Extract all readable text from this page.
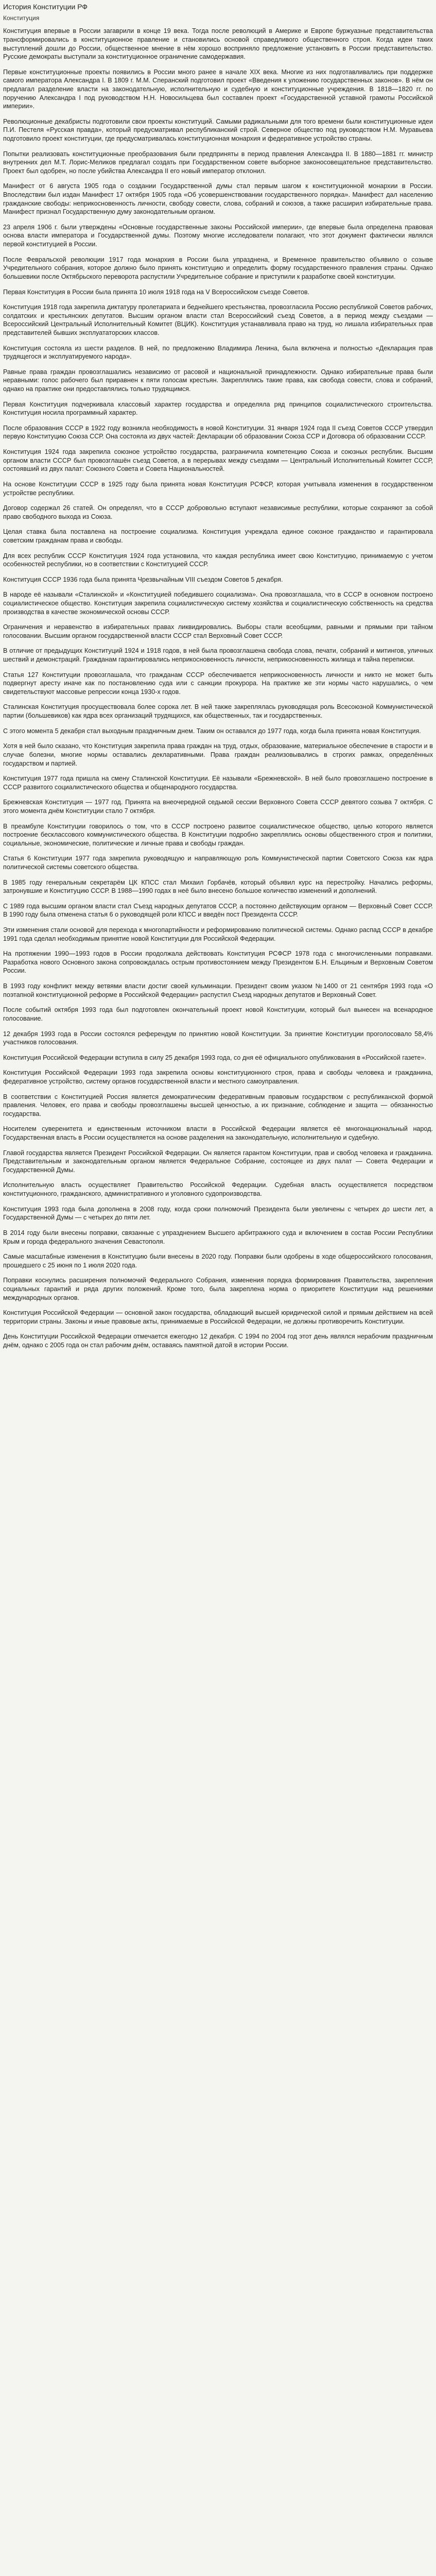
История Конституции РФ
Конституция

Конституция впервые в России загаврили в конце 19 века. Тогда после революций в Америке и Европе буржуазные представительства трансформировались в конституционное правление и становились основой справедливого общественного строя. Когда идеи таких выступлений дошли до России, общественное мнение в нём хорошо восприняло предложение установить в России представительство. Русские демократы выступали за конституционное ограничение самодержавия.

Первые конституционные проекты появились в России много ранее в начале XIX века. Многие из них подготавливались при поддержке самого императора Александра I. В 1809 г. М.М. Сперанский подготовил проект «Введения к уложению государственных законов». В нём он предлагал разделение власти на законодательную, исполнительную и судебную и конституционные учреждения. В 1818—1820 гг. по поручению Александра I под руководством Н.Н. Новосильцева был составлен проект «Государственной уставной грамоты Российской империи».

Революционные декабристы подготовили свои проекты конституций. Самыми радикальными для того времени были конституционные идеи П.И. Пестеля «Русская правда», который предусматривал республиканский строй. Северное общество под руководством Н.М. Муравьева подготовило проект конституции, где предусматривалась конституционная монархия и федеративное устройство страны.

Попытки реализовать конституционные преобразования были предприняты в период правления Александра II. В 1880—1881 гг. министр внутренних дел М.Т. Лорис-Меликов предлагал создать при Государственном совете выборное законосовещательное представительство. Проект был одобрен, но после убийства Александра II его новый император отклонил.

Манифест от 6 августа 1905 года о создании Государственной думы стал первым шагом к конституционной монархии в России. Впоследствии был издан Манифест 17 октября 1905 года «Об усовершенствовании государственного порядка». Манифест дал населению гражданские свободы: неприкосновенность личности, свободу совести, слова, собраний и союзов, а также расширил избирательные права. Манифест признал Государственную думу законодательным органом.

23 апреля 1906 г. были утверждены «Основные государственные законы Российской империи», где впервые была определена правовая основа власти императора и Государственной думы. Поэтому многие исследователи полагают, что этот документ фактически являлся первой конституцией в России.

После Февральской революции 1917 года монархия в России была упразднена, и Временное правительство объявило о созыве Учредительного собрания, которое должно было принять конституцию и определить форму государственного правления страны. Однако большевики после Октябрьского переворота распустили Учредительное собрание и приступили к разработке своей конституции.

Первая Конституция в России была принята 10 июля 1918 года на V Всероссийском съезде Советов.

Конституция 1918 года закрепила диктатуру пролетариата и беднейшего крестьянства, провозгласила Россию республикой Советов рабочих, солдатских и крестьянских депутатов. Высшим органом власти стал Всероссийский съезд Советов, а в период между съездами — Всероссийский Центральный Исполнительный Комитет (ВЦИК). Конституция устанавливала право на труд, но лишала избирательных прав представителей бывших эксплуататорских классов.

Конституция состояла из шести разделов. В ней, по предложению Владимира Ленина, была включена и полностью «Декларация прав трудящегося и эксплуатируемого народа».

Равные права граждан провозглашались независимо от расовой и национальной принадлежности. Однако избирательные права были неравными: голос рабочего был приравнен к пяти голосам крестьян. Закреплялись такие права, как свобода совести, слова и собраний, однако на практике они предоставлялись только трудящимся.

Первая Конституция подчеркивала классовый характер государства и определяла ряд принципов социалистического строительства. Конституция носила программный характер.

После образования СССР в 1922 году возникла необходимость в новой Конституции. 31 января 1924 года II съезд Советов СССР утвердил первую Конституцию Союза ССР. Она состояла из двух частей: Декларации об образовании Союза ССР и Договора об образовании СССР.

Конституция 1924 года закрепила союзное устройство государства, разграничила компетенцию Союза и союзных республик. Высшим органом власти СССР был провозглашён съезд Советов, а в перерывах между съездами — Центральный Исполнительный Комитет СССР, состоявший из двух палат: Союзного Совета и Совета Национальностей.

На основе Конституции СССР в 1925 году была принята новая Конституция РСФСР, которая учитывала изменения в государственном устройстве республики.

Договор содержал 26 статей. Он определял, что в СССР добровольно вступают независимые республики, которые сохраняют за собой право свободного выхода из Союза.

Целая ставка была поставлена на построение социализма. Конституция учреждала единое союзное гражданство и гарантировала советским гражданам права и свободы.

Для всех республик СССР Конституция 1924 года установила, что каждая республика имеет свою Конституцию, принимаемую с учетом особенностей республики, но в соответствии с Конституцией СССР.

Конституция СССР 1936 года была принята Чрезвычайным VIII съездом Советов 5 декабря.

В народе её называли «Сталинской» и «Конституцией победившего социализма». Она провозглашала, что в СССР в основном построено социалистическое общество. Конституция закрепила социалистическую систему хозяйства и социалистическую собственность на средства производства в качестве экономической основы СССР.

Ограничения и неравенство в избирательных правах ликвидировались. Выборы стали всеобщими, равными и прямыми при тайном голосовании. Высшим органом государственной власти СССР стал Верховный Совет СССР.

В отличие от предыдущих Конституций 1924 и 1918 годов, в ней была провозглашена свобода слова, печати, собраний и митингов, уличных шествий и демонстраций. Гражданам гарантировались неприкосновенность личности, неприкосновенность жилища и тайна переписки.

Статья 127 Конституции провозглашала, что гражданам СССР обеспечивается неприкосновенность личности и никто не может быть подвергнут аресту иначе как по постановлению суда или с санкции прокурора. На практике же эти нормы часто нарушались, о чем свидетельствуют массовые репрессии конца 1930-х годов.

Сталинская Конституция просуществовала более сорока лет. В ней также закреплялась руководящая роль Всесоюзной Коммунистической партии (большевиков) как ядра всех организаций трудящихся, как общественных, так и государственных.

С этого момента 5 декабря стал выходным праздничным днем. Таким он оставался до 1977 года, когда была принята новая Конституция.

Хотя в ней было сказано, что Конституция закрепила права граждан на труд, отдых, образование, материальное обеспечение в старости и в случае болезни, многие нормы оставались декларативными. Права граждан реализовывались в строгих рамках, определённых государством и партией.

Конституция 1977 года пришла на смену Сталинской Конституции. Её называли «Брежневской». В ней было провозглашено построение в СССР развитого социалистического общества и общенародного государства.

Брежневская Конституция — 1977 год. Принята на внеочередной седьмой сессии Верховного Совета СССР девятого созыва 7 октября. С этого момента днём Конституции стало 7 октября.

В преамбуле Конституции говорилось о том, что в СССР построено развитое социалистическое общество, целью которого является построение бесклассового коммунистического общества. В Конституции подробно закреплялись основы общественного строя и политики, социальные, экономические, политические и личные права и свободы граждан.

Статья 6 Конституции 1977 года закрепила руководящую и направляющую роль Коммунистической партии Советского Союза как ядра политической системы советского общества.

В 1985 году генеральным секретарём ЦК КПСС стал Михаил Горбачёв, который объявил курс на перестройку. Начались реформы, затронувшие и Конституцию СССР. В 1988—1990 годах в неё было внесено большое количество изменений и дополнений.

С 1989 года высшим органом власти стал Съезд народных депутатов СССР, а постоянно действующим органом — Верховный Совет СССР. В 1990 году была отменена статья 6 о руководящей роли КПСС и введён пост Президента СССР.

Эти изменения стали основой для перехода к многопартийности и реформированию политической системы. Однако распад СССР в декабре 1991 года сделал необходимым принятие новой Конституции для Российской Федерации.

На протяжении 1990—1993 годов в России продолжала действовать Конституция РСФСР 1978 года с многочисленными поправками. Разработка нового Основного закона сопровождалась острым противостоянием между Президентом Б.Н. Ельциным и Верховным Советом России.

В 1993 году конфликт между ветвями власти достиг своей кульминации. Президент своим указом №1400 от 21 сентября 1993 года «О поэтапной конституционной реформе в Российской Федерации» распустил Съезд народных депутатов и Верховный Совет.

После событий октября 1993 года был подготовлен окончательный проект новой Конституции, который был вынесен на всенародное голосование.

12 декабря 1993 года в России состоялся референдум по принятию новой Конституции. За принятие Конституции проголосовало 58,4% участников голосования.

Конституция Российской Федерации вступила в силу 25 декабря 1993 года, со дня её официального опубликования в «Российской газете».

Конституция Российской Федерации 1993 года закрепила основы конституционного строя, права и свободы человека и гражданина, федеративное устройство, систему органов государственной власти и местного самоуправления.

В соответствии с Конституцией Россия является демократическим федеративным правовым государством с республиканской формой правления. Человек, его права и свободы провозглашены высшей ценностью, а их признание, соблюдение и защита — обязанностью государства.

Носителем суверенитета и единственным источником власти в Российской Федерации является её многонациональный народ. Государственная власть в России осуществляется на основе разделения на законодательную, исполнительную и судебную.

Главой государства является Президент Российской Федерации. Он является гарантом Конституции, прав и свобод человека и гражданина. Представительным и законодательным органом является Федеральное Собрание, состоящее из двух палат — Совета Федерации и Государственной Думы.

Исполнительную власть осуществляет Правительство Российской Федерации. Судебная власть осуществляется посредством конституционного, гражданского, административного и уголовного судопроизводства.

Конституция 1993 года была дополнена в 2008 году, когда сроки полномочий Президента были увеличены с четырех до шести лет, а Государственной Думы — с четырех до пяти лет.

В 2014 году были внесены поправки, связанные с упразднением Высшего арбитражного суда и включением в состав России Республики Крым и города федерального значения Севастополя.

Самые масштабные изменения в Конституцию были внесены в 2020 году. Поправки были одобрены в ходе общероссийского голосования, прошедшего с 25 июня по 1 июля 2020 года.

Поправки коснулись расширения полномочий Федерального Собрания, изменения порядка формирования Правительства, закрепления социальных гарантий и ряда других положений. Кроме того, была закреплена норма о приоритете Конституции над решениями международных органов.

Конституция Российской Федерации — основной закон государства, обладающий высшей юридической силой и прямым действием на всей территории страны. Законы и иные правовые акты, принимаемые в Российской Федерации, не должны противоречить Конституции.

День Конституции Российской Федерации отмечается ежегодно 12 декабря. С 1994 по 2004 год этот день являлся нерабочим праздничным днём, однако с 2005 года он стал рабочим днём, оставаясь памятной датой в истории России.
